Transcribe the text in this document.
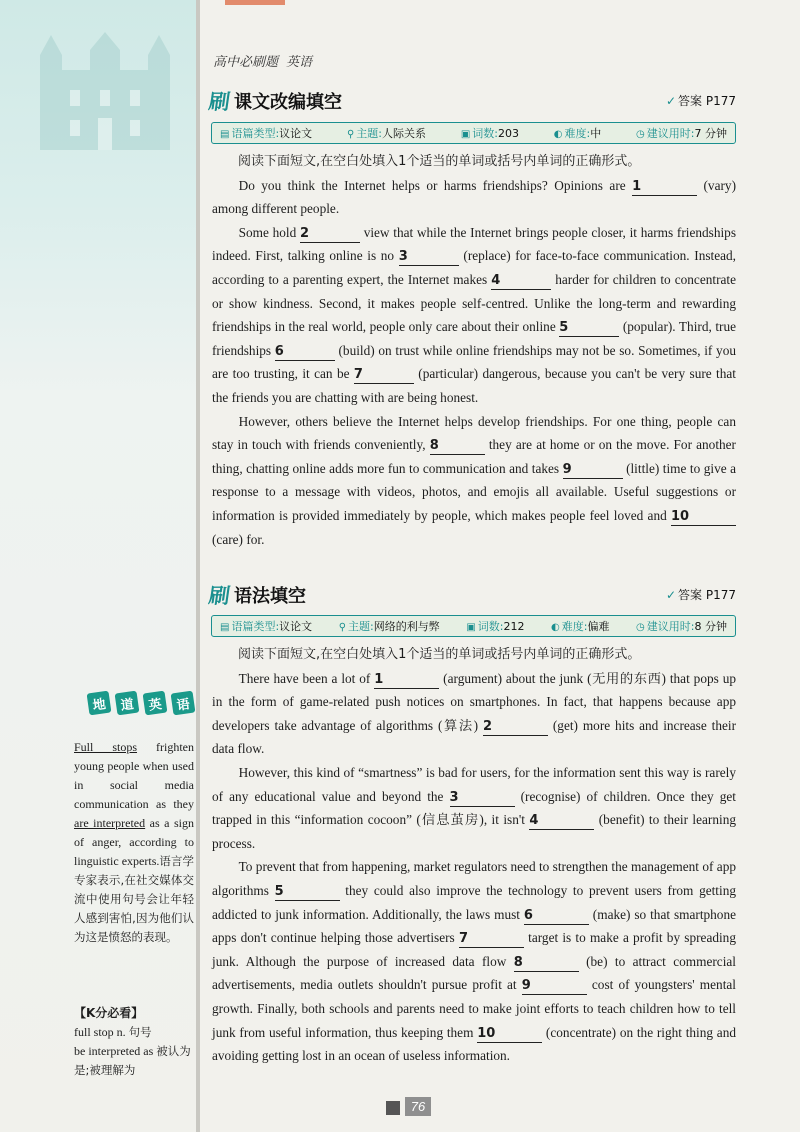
高中必刷题 英语
刷 课文改编填空	✓ 答案 P177
▤ 语篇类型:议论文	⚲ 主题:人际关系	▣ 词数:203	◐ 难度:中	◷ 建议用时:7 分钟

阅读下面短文,在空白处填入1个适当的单词或括号内单词的正确形式。

Do you think the Internet helps or harms friendships? Opinions are 1	(vary) among different people.

Some hold 2	view that while the Internet brings people closer, it harms friendships indeed. First, talking online is no 3	(replace) for face-to-face communication. Instead, according to a parenting expert, the Internet makes 4	harder for children to concentrate or show kindness. Second, it makes people self-centred. Unlike the long-term and rewarding friendships in the real world, people only care about their online 5	(popular). Third, true friendships 6	(build) on trust while online friendships may not be so. Sometimes, if you are too trusting, it can be 7	(particular) dangerous, because you can't be very sure that the friends you are chatting with are being honest.

However, others believe the Internet helps develop friendships. For one thing, people can stay in touch with friends conveniently, 8	they are at home or on the move. For another thing, chatting online adds more fun to communication and takes 9	(little) time to give a response to a message with videos, photos, and emojis all available. Useful suggestions or information is provided immediately by people, which makes people feel loved and 10 (care) for.

刷 语法填空	✓ 答案 P177
▤ 语篇类型:议论文	⚲ 主题:网络的利与弊	▣ 词数:212	◐ 难度:偏难	◷ 建议用时:8 分钟

阅读下面短文,在空白处填入1个适当的单词或括号内单词的正确形式。

There have been a lot of 1	(argument) about the junk (无用的东西) that pops up in the form of game-related push notices on smartphones. In fact, that happens because app developers take advantage of algorithms (算法) 2	(get) more hits and increase their data flow.

However, this kind of “smartness” is bad for users, for the information sent this way is rarely of any educational value and beyond the 3	(recognise) of children. Once they get trapped in this “information cocoon” (信息茧房), it isn't 4	(benefit) to their learning process.

To prevent that from happening, market regulators need to strengthen the management of app algorithms 5	they could also improve the technology to prevent users from getting addicted to junk information. Additionally, the laws must 6	(make) so that smartphone apps don't continue helping those advertisers 7	target is to make a profit by spreading junk. Although the purpose of increased data flow 8	(be) to attract commercial advertisements, media outlets shouldn't pursue profit at 9	cost of youngsters' mental growth. Finally, both schools and parents need to make joint efforts to teach children how to tell junk from useful information, thus keeping them 10	(concentrate) on the right thing and avoiding getting lost in an ocean of useless information.

地	道	英	语
Full stops frighten young people when used in social media communication as they are interpreted as a sign of anger, according to linguistic experts.语言学专家表示,在社交媒体交流中使用句号会让年轻人感到害怕,因为他们认为这是愤怒的表现。
【K分必看】
full stop n. 句号
be interpreted as 被认为是;被理解为
76
